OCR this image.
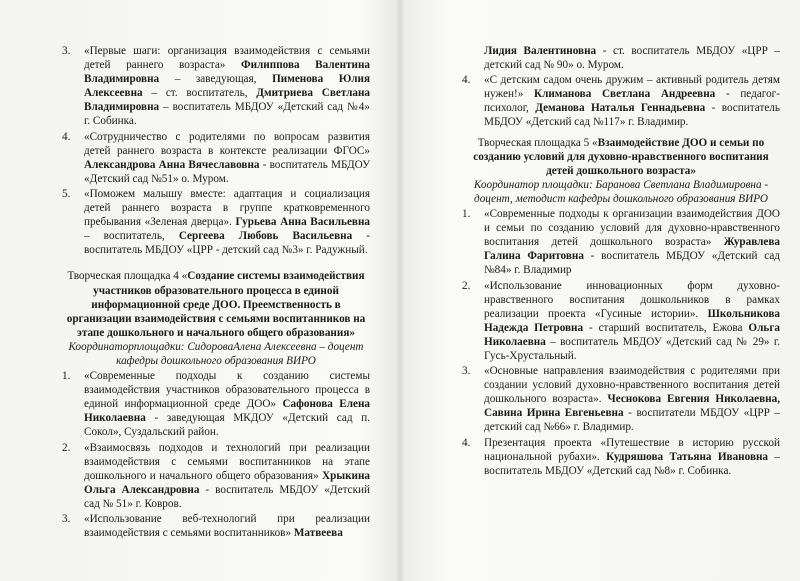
3. «Первые шаги: организация взаимодействия с семьями детей раннего возраста» Филиппова Валентина Владимировна – заведующая, Пименова Юлия Алексеевна – ст. воспитатель, Дмитриева Светлана Владимировна – воспитатель МБДОУ «Детский сад №4» г. Собинка.
4. «Сотрудничество с родителями по вопросам развития детей раннего возраста в контексте реализации ФГОС» Александрова Анна Вячеславовна - воспитатель МБДОУ «Детский сад №51» о. Муром.
5. «Поможем малышу вместе: адаптация и социализация детей раннего возраста в группе кратковременного пребывания «Зеленая дверца». Гурьева Анна Васильевна – воспитатель, Сергеева Любовь Васильевна - воспитатель МБДОУ «ЦРР - детский сад №3» г. Радужный.
Творческая площадка 4 «Создание системы взаимодействия участников образовательного процесса в единой информационной среде ДОО. Преемственность в организации взаимодействия с семьями воспитанников на этапе дошкольного и начального общего образования»
Координаторплощадки: СидороваАлена Алексеевна – доцент кафедры дошкольного образования ВИРО
1. «Современные подходы к созданию системы взаимодействия участников образовательного процесса в единой информационной среде ДОО» Сафонова Елена Николаевна - заведующая МКДОУ «Детский сад п. Сокол», Суздальский район.
2. «Взаимосвязь подходов и технологий при реализации взаимодействия с семьями воспитанников на этапе дошкольного и начального общего образования» Хрыкина Ольга Александровна - воспитатель МБДОУ «Детский сад № 51» г. Ковров.
3. «Использование веб-технологий при реализации взаимодействия с семьями воспитанников» Матвеева
Лидия Валентиновна - ст. воспитатель МБДОУ «ЦРР – детский сад № 90» о. Муром.
4. «С детским садом очень дружим – активный родитель детям нужен!» Климанова Светлана Андреевна - педагог-психолог, Деманова Наталья Геннадьевна - воспитатель МБДОУ «Детский сад №117» г. Владимир.
Творческая площадка 5 «Взаимодействие ДОО и семьи по созданию условий для духовно-нравственного воспитания детей дошкольного возраста»
Координатор площадки: Баранова Светлана Владимировна - доцент, методист кафедры дошкольного образования ВИРО
1. «Современные подходы к организации взаимодействия ДОО и семьи по созданию условий для духовно-нравственного воспитания детей дошкольного возраста» Журавлева Галина Фаритовна - воспитатель МБДОУ «Детский сад №84» г. Владимир
2. «Использование инновационных форм духовно-нравственного воспитания дошкольников в рамках реализации проекта «Гусиные истории». Школьникова Надежда Петровна - старший воспитатель, Ежова Ольга Николаевна – воспитатель МБДОУ «Детский сад № 29» г. Гусь-Хрустальный.
3. «Основные направления взаимодействия с родителями при создании условий духовно-нравственного воспитания детей дошкольного возраста». Чеснокова Евгения Николаевна, Савина Ирина Евгеньевна - воспитатели МБДОУ «ЦРР –детский сад №66» г. Владимир.
4. Презентация проекта «Путешествие в историю русской национальной рубахи». Кудряшова Татьяна Ивановна – воспитатель МБДОУ «Детский сад №8» г. Собинка.
